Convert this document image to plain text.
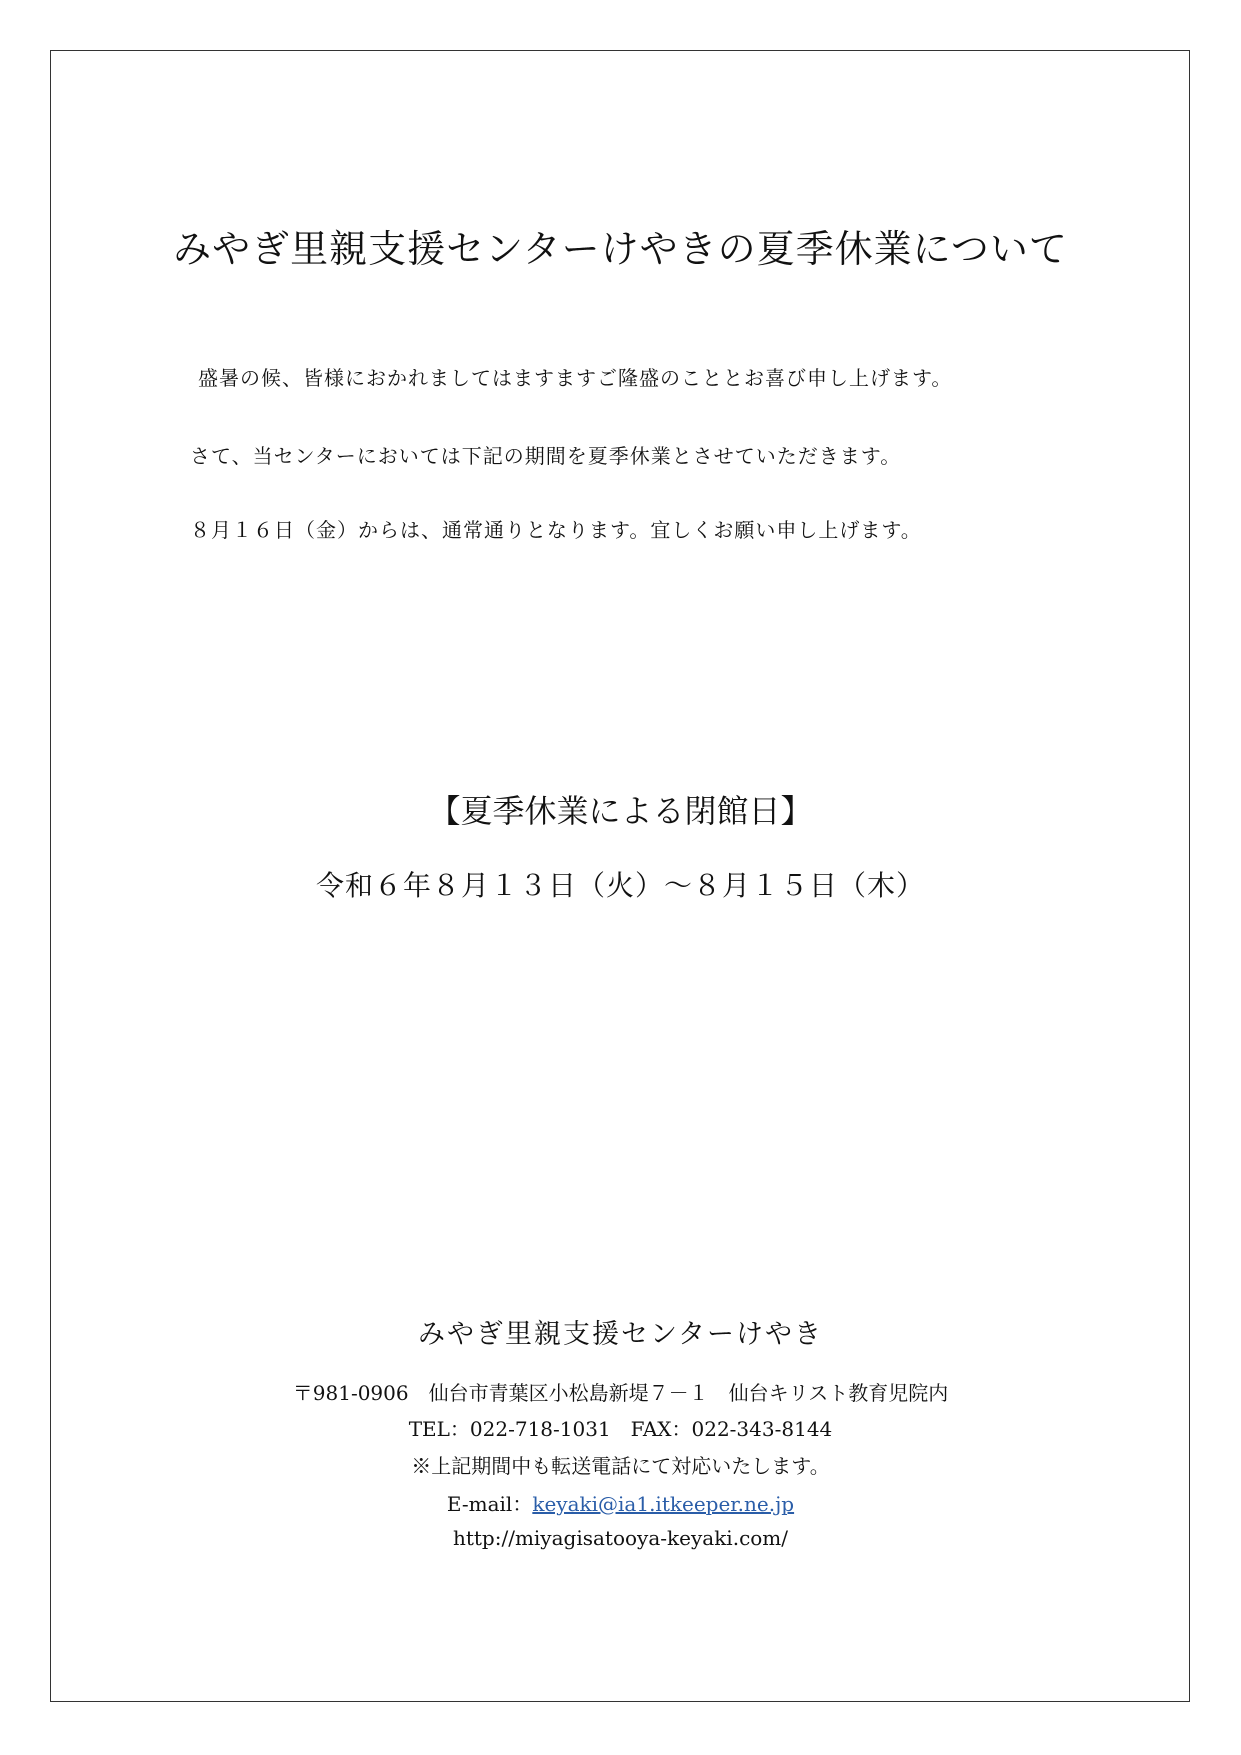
みやぎ里親支援センターけやきの夏季休業について
盛暑の候、皆様におかれましてはますますご隆盛のこととお喜び申し上げます。
さて、当センターにおいては下記の期間を夏季休業とさせていただきます。
８月１６日（金）からは、通常通りとなります。宜しくお願い申し上げます。
【夏季休業による閉館日】
令和６年８月１３日（火）～８月１５日（木）
みやぎ里親支援センターけやき
〒981-0906　仙台市青葉区小松島新堤７－１　仙台キリスト教育児院内
TEL：022-718-1031　FAX：022-343-8144
※上記期間中も転送電話にて対応いたします。
E-mail：keyaki@ia1.itkeeper.ne.jp
http://miyagisatooya-keyaki.com/
